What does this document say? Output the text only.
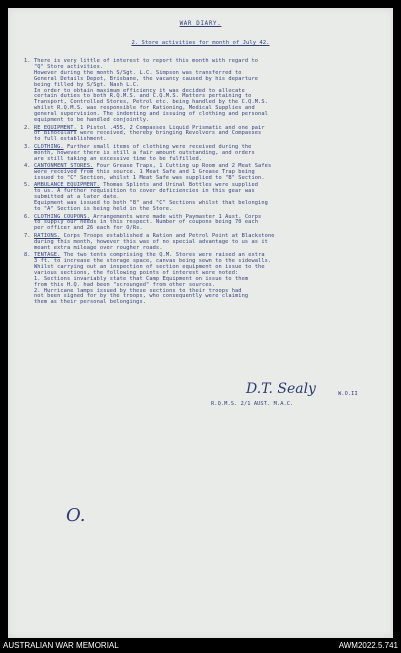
WAR DIARY.
2. Store activities for month of July 42.
D.T. Sealy	W.O.II
R.Q.M.S. 2/1 AUST. M.A.C.
O.
1. There is very little of interest to report this month with regard to
"Q" Store activities.
However during the month S/Sgt. L.C. Simpson was transferred to
General Details Depot, Brisbane, the vacancy caused by his departure
being filled by S/Sgt. Nash L.C.
In order to obtain maximum efficiency it was decided to allocate
certain duties to both R.Q.M.S. and C.Q.M.S. Matters pertaining to
Transport, Controlled Stores, Petrol etc. being handled by the C.Q.M.S.
whilst R.Q.M.S. was responsible for Rationing, Medical Supplies and
general supervision. The indenting and issuing of clothing and personal
equipment to be handled conjointly.
2. RE EQUIPMENT. 1 Pistol .455, 2 Compasses Liquid Prismatic and one pair
of Binoculars were received, thereby bringing Revolvers and Compasses
to full establishment.
3. CLOTHING. Further small items of clothing were received during the
month, however there is still a fair amount outstanding, and orders
are still taking an excessive time to be fulfilled.
4. CANTONMENT STORES. Four Grease Traps, 1 Cutting up Room and 2 Meat Safes
were received from this source. 1 Meat Safe and 1 Grease Trap being
issued to "C" Section, whilst 1 Meat Safe was supplied to "B" Section.
5. AMBULANCE EQUIPMENT. Thomas Splints and Urinal Bottles were supplied
to us. A further requisition to cover deficiencies in this gear was
submitted at a later date.
Equipment was issued to both "B" and "C" Sections whilst that belonging
to "A" Section is being held in the Store.
6. CLOTHING COUPONS. Arrangements were made with Paymaster 1 Aust. Corps
to supply our needs in this respect. Number of coupons being 70 each
per officer and 26 each for O/Rs.
7. RATIONS. Corps Troops established a Ration and Petrol Point at Blackstone
during this month, however this was of no special advantage to us as it
meant extra mileage over rougher roads.
8. TENTAGE. The two tents comprising the Q.M. Stores were raised an extra
3 ft. to increase the storage space, canvas being sewn to the sidewalls.
Whilst carrying out an inspection of section equipment on issue to the
various sections, the following points of interest were noted:
1. Sections invariably state that Camp Equipment on issue to them
from this H.Q. had been "scrounged" from other sources.
2. Hurricane lamps issued by these sections to their troops had
not been signed for by the troops, who consequently were claiming
them as their personal belongings.
AUSTRALIAN WAR MEMORIAL	AWM2022.5.741
